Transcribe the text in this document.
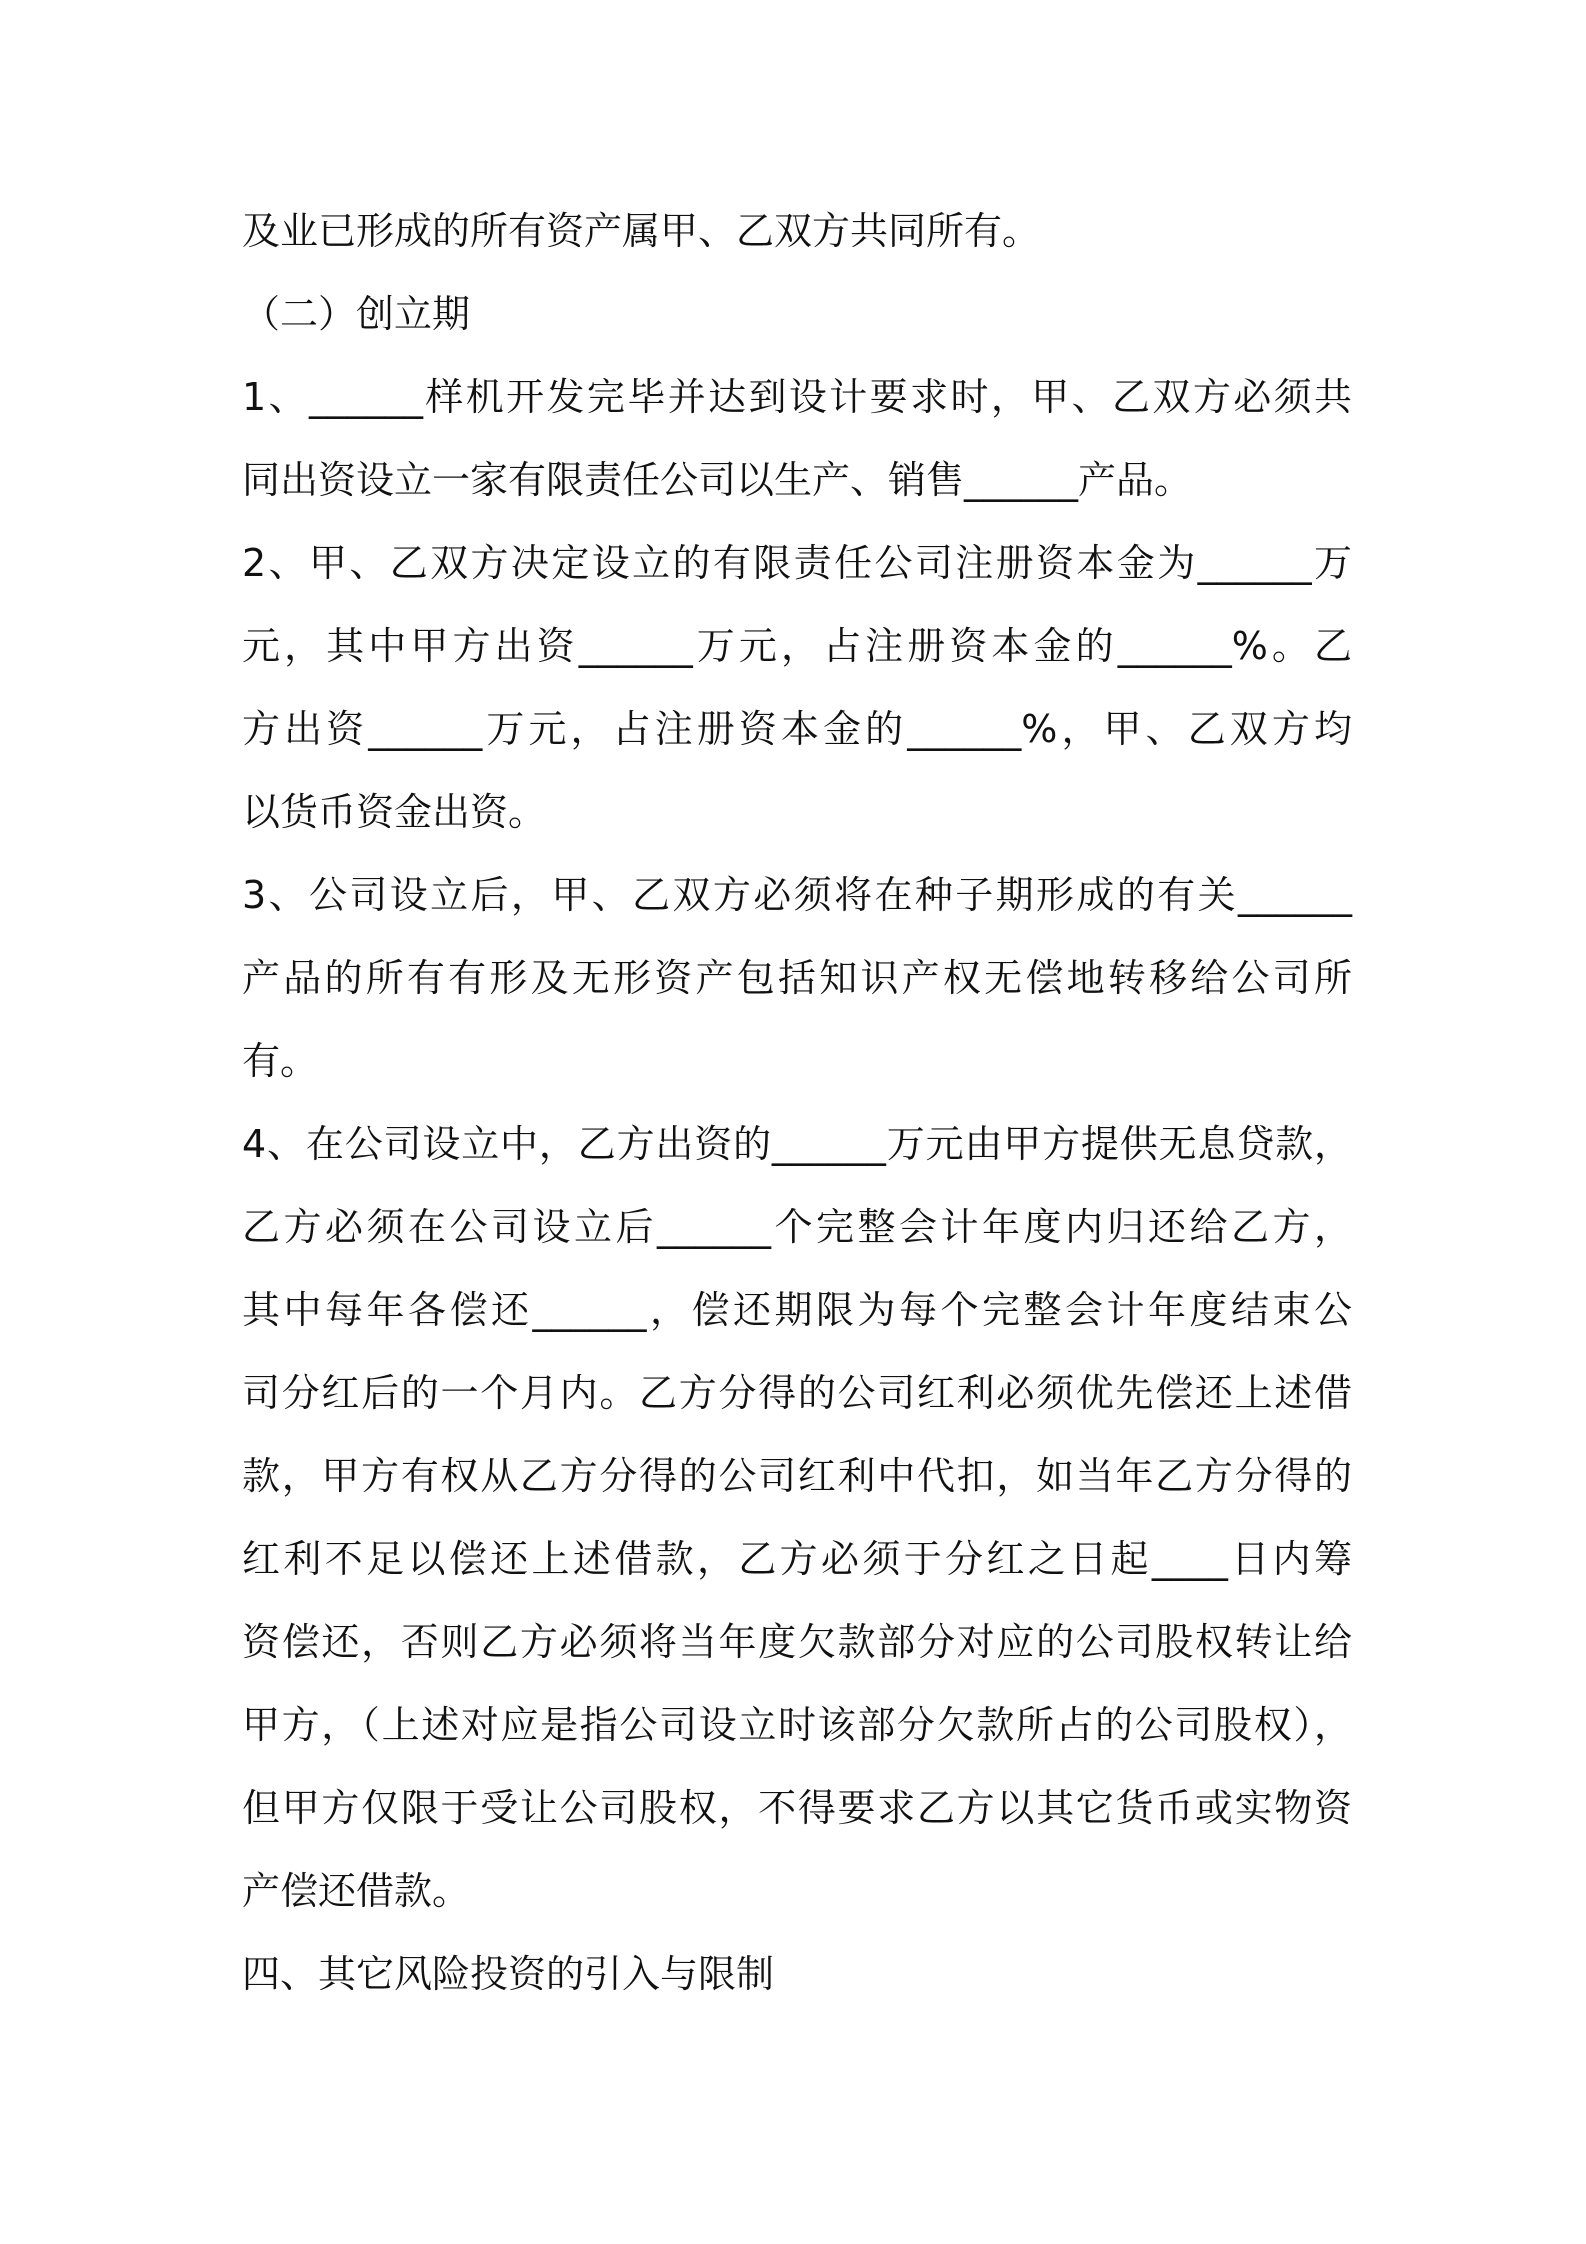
及业已形成的所有资产属甲、乙双方共同所有。
（二）创立期
1、______样机开发完毕并达到设计要求时，甲、乙双方必须共
同出资设立一家有限责任公司以生产、销售______产品。
2、甲、乙双方决定设立的有限责任公司注册资本金为______万
元，其中甲方出资______万元，占注册资本金的______%。乙
方出资______万元，占注册资本金的______%，甲、乙双方均
以货币资金出资。
3、公司设立后，甲、乙双方必须将在种子期形成的有关______
产品的所有有形及无形资产包括知识产权无偿地转移给公司所
有。
4、在公司设立中，乙方出资的______万元由甲方提供无息贷款，
乙方必须在公司设立后______个完整会计年度内归还给乙方，
其中每年各偿还______，偿还期限为每个完整会计年度结束公
司分红后的一个月内。乙方分得的公司红利必须优先偿还上述借
款，甲方有权从乙方分得的公司红利中代扣，如当年乙方分得的
红利不足以偿还上述借款，乙方必须于分红之日起____日内筹
资偿还，否则乙方必须将当年度欠款部分对应的公司股权转让给
甲方，（上述对应是指公司设立时该部分欠款所占的公司股权），
但甲方仅限于受让公司股权，不得要求乙方以其它货币或实物资
产偿还借款。
四、其它风险投资的引入与限制
